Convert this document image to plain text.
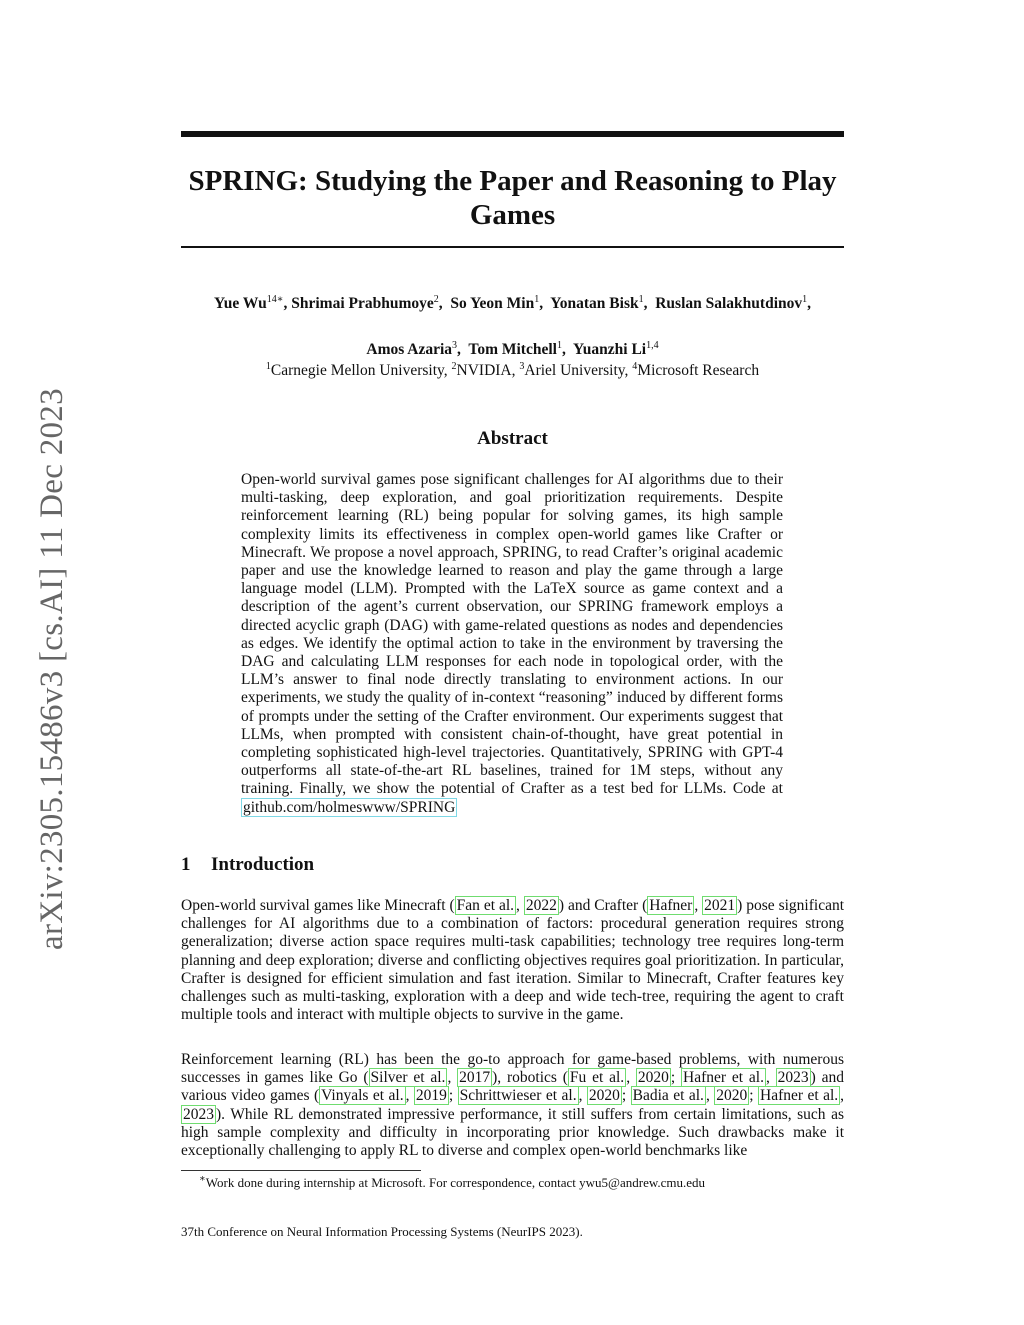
arXiv:2305.15486v3 [cs.AI] 11 Dec 2023
SPRING: Studying the Paper and Reasoning to Play Games
Yue $Wu^{14∗}$, Shrimai Prabhumoye$^2$,  So Yeon Min$^1$,  Yonatan Bisk$^1$,  Ruslan Salakhutdinov$^1$,
Amos Azaria$^3$,  Tom Mitchell$^1$,  Yuanzhi Li$^{1,4}$
$^1$Carnegie Mellon University, $^2$NVIDIA, $^3$Ariel University, $^4$Microsoft Research
Abstract
Open-world survival games pose significant challenges for AI algorithms due to their multi-tasking, deep exploration, and goal prioritization requirements. Despite reinforcement learning (RL) being popular for solving games, its high sample complexity limits its effectiveness in complex open-world games like Crafter or Minecraft. We propose a novel approach, SPRING, to read Crafter’s original academic paper and use the knowledge learned to reason and play the game through a large language model (LLM). Prompted with the LaTeX source as game context and a description of the agent’s current observation, our SPRING framework employs a directed acyclic graph (DAG) with game-related questions as nodes and dependencies as edges. We identify the optimal action to take in the environment by traversing the DAG and calculating LLM responses for each node in topological order, with the LLM’s answer to final node directly translating to environment actions. In our experiments, we study the quality of in-context “reasoning” induced by different forms of prompts under the setting of the Crafter environment. Our experiments suggest that LLMs, when prompted with consistent chain-of-thought, have great potential in completing sophisticated high-level trajectories. Quantitatively, SPRING with GPT-4 outperforms all state-of-the-art RL baselines, trained for 1M steps, without any training. Finally, we show the potential of Crafter as a test bed for LLMs. Code at github.com/holmeswww/SPRING
1 Introduction
Open-world survival games like Minecraft ( Fan et al. , 2022 ) and Crafter ( Hafner , 2021 ) pose significant challenges for AI algorithms due to a combination of factors: procedural generation requires strong generalization; diverse action space requires multi-task capabilities; technology tree requires long-term planning and deep exploration; diverse and conflicting objectives requires goal prioritization. In particular, Crafter is designed for efficient simulation and fast iteration. Similar to Minecraft, Crafter features key challenges such as multi-tasking, exploration with a deep and wide tech-tree, requiring the agent to craft multiple tools and interact with multiple objects to survive in the game.
Reinforcement learning (RL) has been the go-to approach for game-based problems, with numerous successes in games like Go ( Silver et al. , 2017 ), robotics ( Fu et al. , 2020 ; Hafner et al. , 2023 ) and various video games ( Vinyals et al. , 2019 ; Schrittwieser et al. , 2020 ; Badia et al. , 2020 ; Hafner et al. , 2023 ). While RL demonstrated impressive performance, it still suffers from certain limitations, such as high sample complexity and difficulty in incorporating prior knowledge. Such drawbacks make it exceptionally challenging to apply RL to diverse and complex open-world benchmarks like
∗Work done during internship at Microsoft. For correspondence, contact ywu5@andrew.cmu.edu
37th Conference on Neural Information Processing Systems (NeurIPS 2023).
